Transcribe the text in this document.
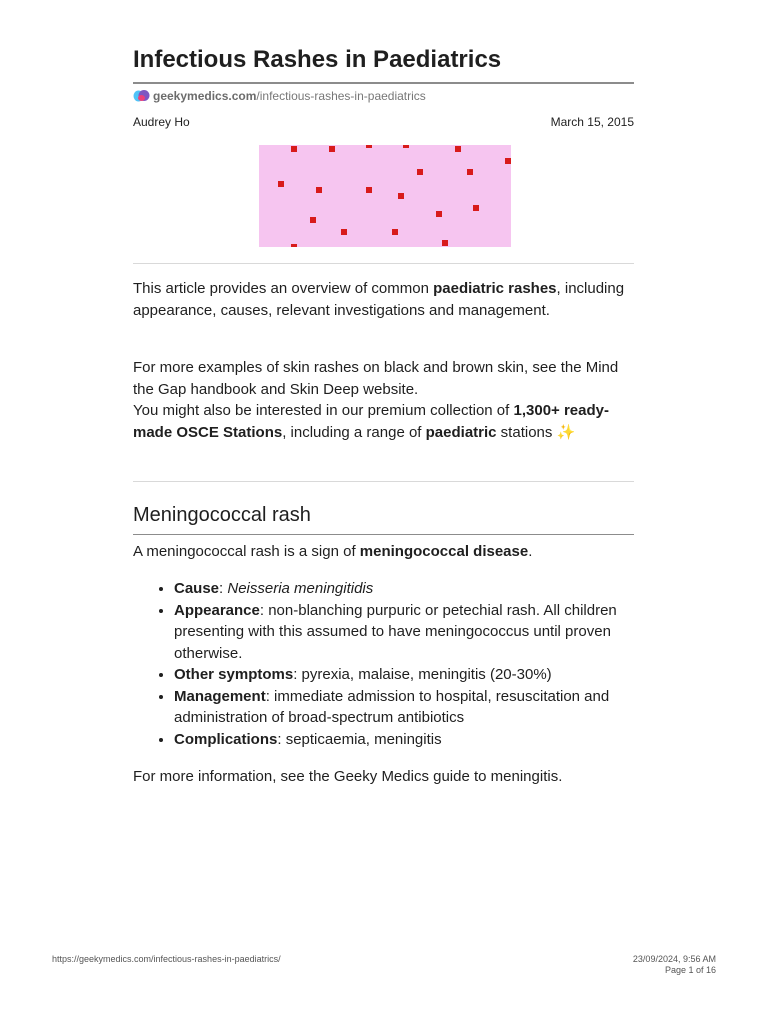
Infectious Rashes in Paediatrics
geekymedics.com /infectious-rashes-in-paediatrics
Audrey Ho	March 15, 2015

This article provides an overview of common paediatric rashes, including appearance, causes, relevant investigations and management.

For more examples of skin rashes on black and brown skin, see the Mind the Gap handbook and Skin Deep website.
You might also be interested in our premium collection of 1,300+ ready-made OSCE Stations, including a range of paediatric stations ✨

Meningococcal rash

A meningococcal rash is a sign of meningococcal disease.

• Cause: Neisseria meningitidis
• Appearance: non-blanching purpuric or petechial rash. All children presenting with this assumed to have meningococcus until proven otherwise.
• Other symptoms: pyrexia, malaise, meningitis (20-30%)
• Management: immediate admission to hospital, resuscitation and administration of broad-spectrum antibiotics
• Complications: septicaemia, meningitis

For more information, see the Geeky Medics guide to meningitis.

https://geekymedics.com/infectious-rashes-in-paediatrics/	23/09/2024, 9:56 AM
Page 1 of 16
